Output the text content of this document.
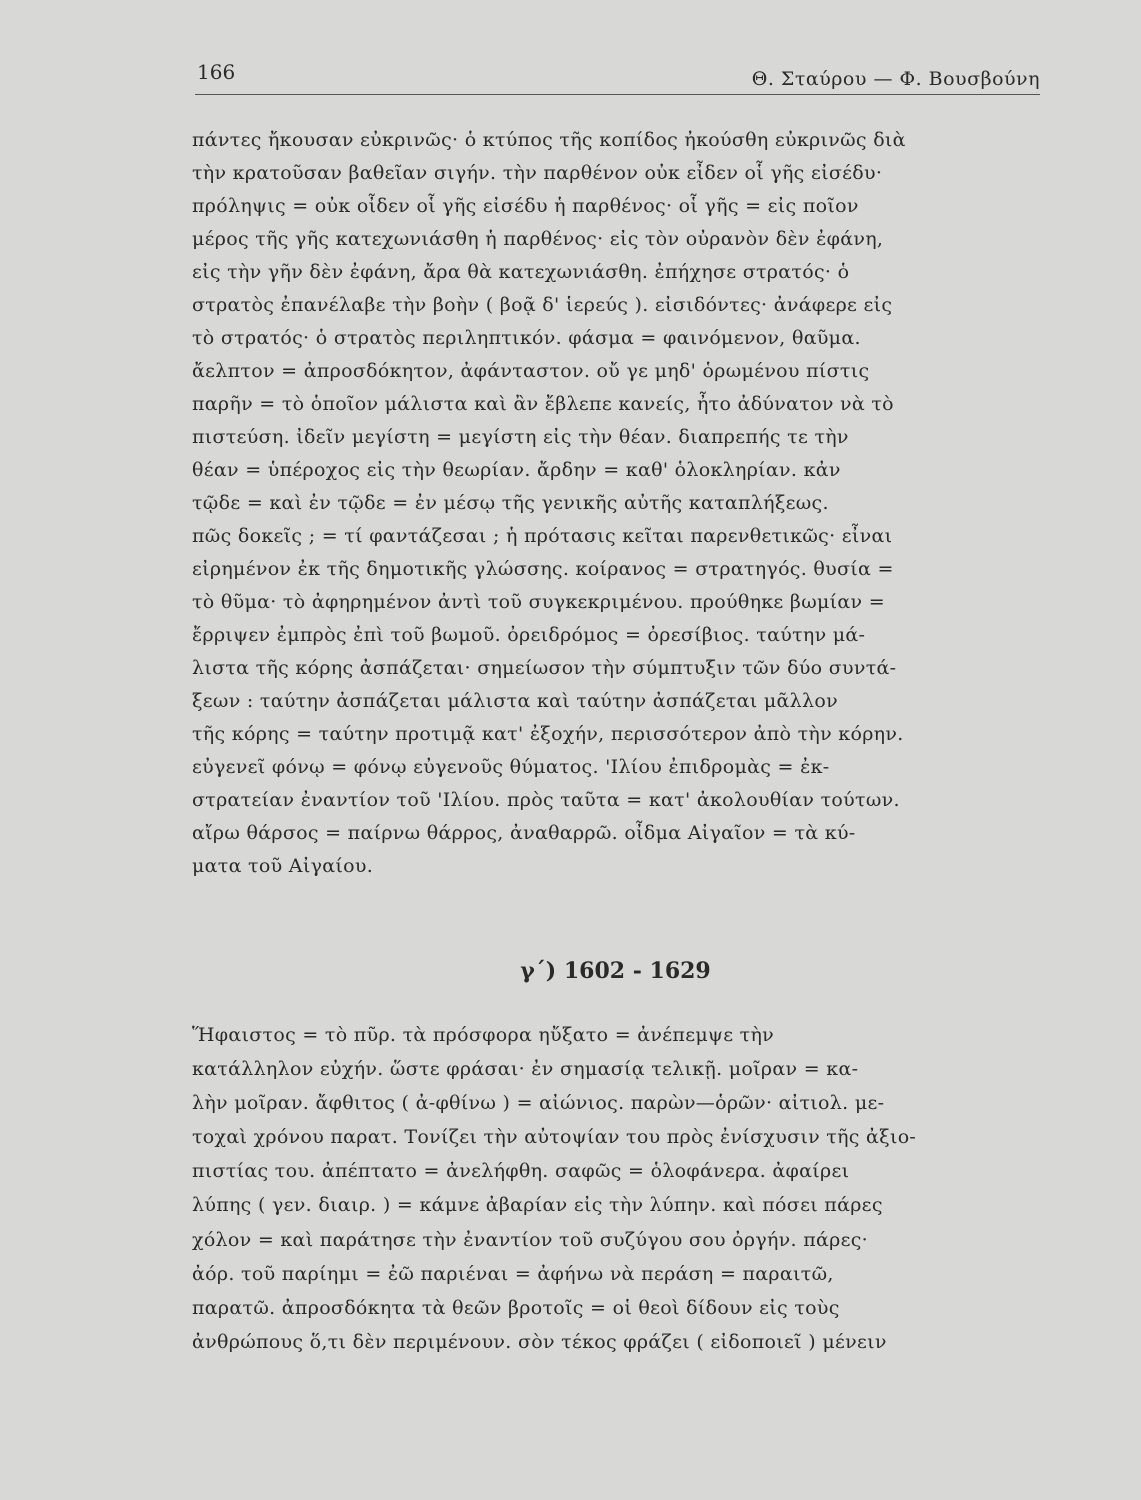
166	Θ. Σταύρου — Φ. Βουσβούνη
πάντες ἤκουσαν εὐκρινῶς· ὁ κτύπος τῆς κοπίδος ἠκούσθη εὐκρινῶς διὰ
τὴν κρατοῦσαν βαθεῖαν σιγήν. τὴν παρθένον οὐκ εἶδεν οἷ γῆς εἰσέδυ·
πρόληψις = οὐκ οἶδεν οἷ γῆς εἰσέδυ ἡ παρθένος· οἷ γῆς = εἰς ποῖον
μέρος τῆς γῆς κατεχωνιάσθη ἡ παρθένος· εἰς τὸν οὐρανὸν δὲν ἐφάνη,
εἰς τὴν γῆν δὲν ἐφάνη, ἄρα θὰ κατεχωνιάσθη. ἐπήχησε στρατός· ὁ
στρατὸς ἐπανέλαβε τὴν βοὴν ( βοᾷ δ' ἱερεύς ). εἰσιδόντες· ἀνάφερε εἰς
τὸ στρατός· ὁ στρατὸς περιληπτικόν. φάσμα = φαινόμενον, θαῦμα.
ἄελπτον = ἀπροσδόκητον, ἀφάνταστον. οὔ γε μηδ' ὁρωμένου πίστις
παρῆν = τὸ ὁποῖον μάλιστα καὶ ἂν ἔβλεπε κανείς, ἦτο ἀδύνατον νὰ τὸ
πιστεύση. ἰδεῖν μεγίστη = μεγίστη εἰς τὴν θέαν. διαπρεπής τε τὴν
θέαν = ὑπέροχος εἰς τὴν θεωρίαν. ἄρδην = καθ' ὁλοκληρίαν. κἀν
τῷδε = καὶ ἐν τῷδε = ἐν μέσῳ τῆς γενικῆς αὐτῆς καταπλήξεως.
πῶς δοκεῖς ; = τί φαντάζεσαι ; ἡ πρότασις κεῖται παρενθετικῶς· εἶναι
εἰρημένον ἐκ τῆς δημοτικῆς γλώσσης. κοίρανος = στρατηγός. θυσία =
τὸ θῦμα· τὸ ἀφηρημένον ἀντὶ τοῦ συγκεκριμένου. προύθηκε βωμίαν =
ἔρριψεν ἐμπρὸς ἐπὶ τοῦ βωμοῦ. ὀρειδρόμος = ὀρεσίβιος. ταύτην μά-
λιστα τῆς κόρης ἀσπάζεται· σημείωσον τὴν σύμπτυξιν τῶν δύο συντά-
ξεων : ταύτην ἀσπάζεται μάλιστα καὶ ταύτην ἀσπάζεται μᾶλλον
τῆς κόρης = ταύτην προτιμᾷ κατ' ἐξοχήν, περισσότερον ἀπὸ τὴν κόρην.
εὐγενεῖ φόνῳ = φόνῳ εὐγενοῦς θύματος. 'Ιλίου ἐπιδρομὰς = ἐκ-
στρατείαν ἐναντίον τοῦ 'Ιλίου. πρὸς ταῦτα = κατ' ἀκολουθίαν τούτων.
αἴρω θάρσος = παίρνω θάρρος, ἀναθαρρῶ. οἶδμα Αἰγαῖον = τὰ κύ-
ματα τοῦ Αἰγαίου.
γ΄) 1602 - 1629
Ἥφαιστος = τὸ πῦρ. τὰ πρόσφορα ηὔξατο = ἀνέπεμψε τὴν
κατάλληλον εὐχήν. ὥστε φράσαι· ἐν σημασίᾳ τελικῇ. μοῖραν = κα-
λὴν μοῖραν. ἄφθιτος ( ἀ-φθίνω ) = αἰώνιος. παρὼν—ὁρῶν· αἰτιολ. με-
τοχαὶ χρόνου παρατ. Τονίζει τὴν αὐτοψίαν του πρὸς ἐνίσχυσιν τῆς ἀξιο-
πιστίας του. ἀπέπτατο = ἀνελήφθη. σαφῶς = ὁλοφάνερα. ἀφαίρει
λύπης ( γεν. διαιρ. ) = κάμνε ἀβαρίαν εἰς τὴν λύπην. καὶ πόσει πάρες
χόλον = καὶ παράτησε τὴν ἐναντίον τοῦ συζύγου σου ὀργήν. πάρες·
ἀόρ. τοῦ παρίημι = ἐῶ παριέναι = ἀφήνω νὰ περάση = παραιτῶ,
παρατῶ. ἀπροσδόκητα τὰ θεῶν βροτοῖς = οἱ θεοὶ δίδουν εἰς τοὺς
ἀνθρώπους ὅ,τι δὲν περιμένουν. σὸν τέκος φράζει ( εἰδοποιεῖ ) μένειν
